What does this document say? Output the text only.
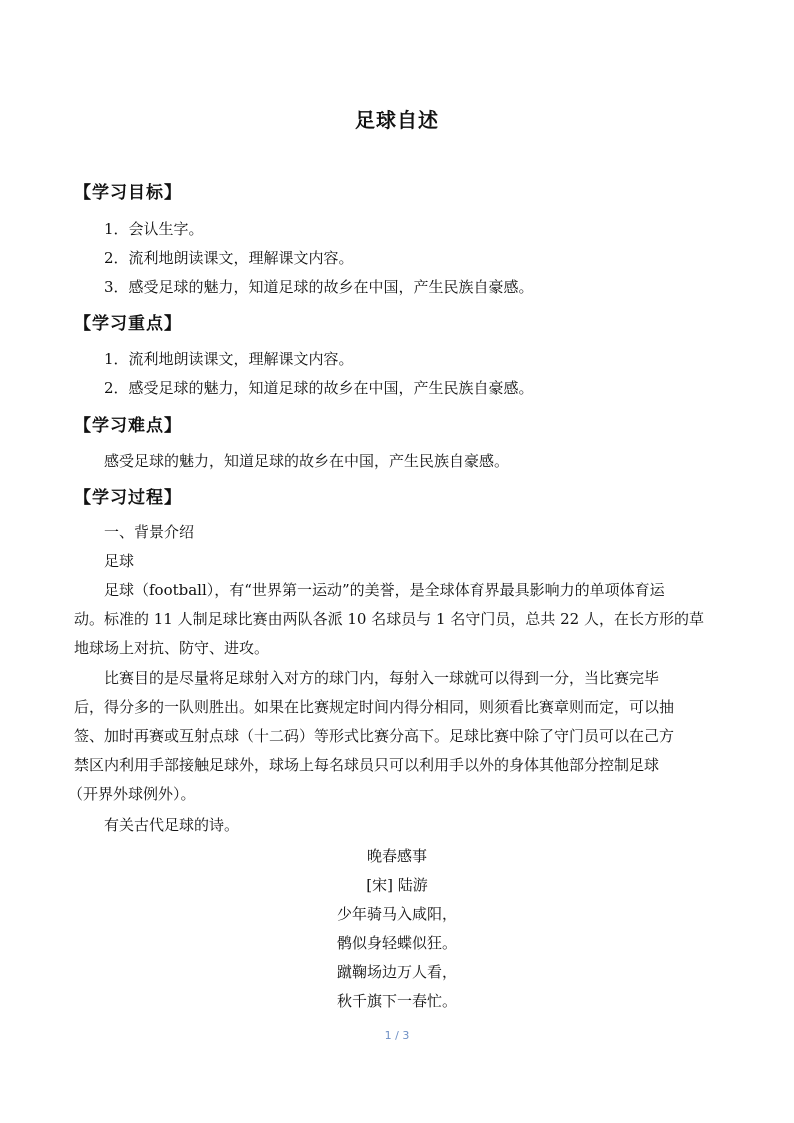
足球自述
【学习目标】
1．会认生字。
2．流利地朗读课文，理解课文内容。
3．感受足球的魅力，知道足球的故乡在中国，产生民族自豪感。
【学习重点】
1．流利地朗读课文，理解课文内容。
2．感受足球的魅力，知道足球的故乡在中国，产生民族自豪感。
【学习难点】
感受足球的魅力，知道足球的故乡在中国，产生民族自豪感。
【学习过程】
一、背景介绍
足球
足球（football），有“世界第一运动”的美誉，是全球体育界最具影响力的单项体育运
动。标准的 11 人制足球比赛由两队各派 10 名球员与 1 名守门员，总共 22 人，在长方形的草
地球场上对抗、防守、进攻。
比赛目的是尽量将足球射入对方的球门内，每射入一球就可以得到一分，当比赛完毕
后，得分多的一队则胜出。如果在比赛规定时间内得分相同，则须看比赛章则而定，可以抽
签、加时再赛或互射点球（十二码）等形式比赛分高下。足球比赛中除了守门员可以在己方
禁区内利用手部接触足球外，球场上每名球员只可以利用手以外的身体其他部分控制足球
（开界外球例外）。
有关古代足球的诗。
晚春感事
[宋] 陆游
少年骑马入咸阳，
鹘似身轻蝶似狂。
蹴鞠场边万人看，
秋千旗下一春忙。
1 / 3
